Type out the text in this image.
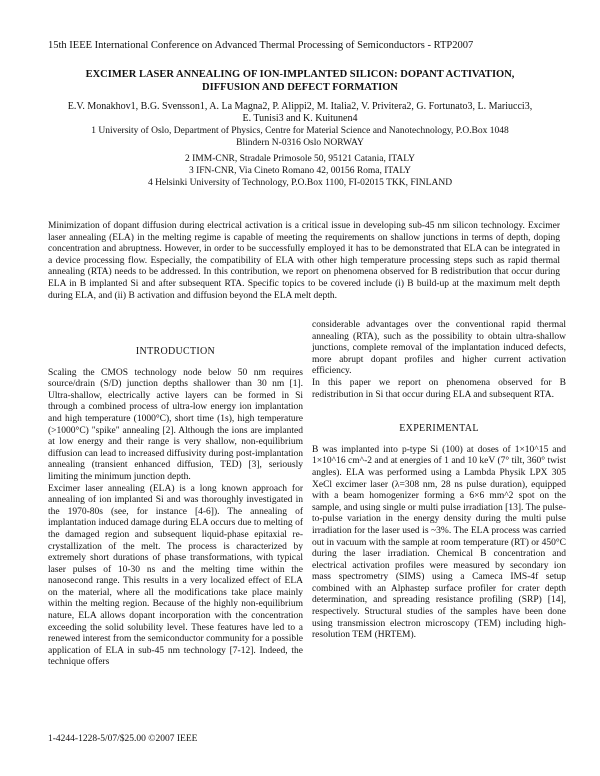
15th IEEE International Conference on Advanced Thermal Processing of Semiconductors - RTP2007
EXCIMER LASER ANNEALING OF ION-IMPLANTED SILICON: DOPANT ACTIVATION,
DIFFUSION AND DEFECT FORMATION
E.V. Monakhov1, B.G. Svensson1, A. La Magna2, P. Alippi2, M. Italia2, V. Privitera2, G. Fortunato3, L. Mariucci3,
E. Tunisi3 and K. Kuitunen4
1 University of Oslo, Department of Physics, Centre for Material Science and Nanotechnology, P.O.Box 1048
Blindern N-0316 Oslo NORWAY
2 IMM-CNR, Stradale Primosole 50, 95121 Catania, ITALY
3 IFN-CNR, Via Cineto Romano 42, 00156 Roma, ITALY
4 Helsinki University of Technology, P.O.Box 1100, FI-02015 TKK, FINLAND
Minimization of dopant diffusion during electrical activation is a critical issue in developing sub-45 nm silicon technology. Excimer laser annealing (ELA) in the melting regime is capable of meeting the requirements on shallow junctions in terms of depth, doping concentration and abruptness. However, in order to be successfully employed it has to be demonstrated that ELA can be integrated in a device processing flow. Especially, the compatibility of ELA with other high temperature processing steps such as rapid thermal annealing (RTA) needs to be addressed. In this contribution, we report on phenomena observed for B redistribution that occur during ELA in B implanted Si and after subsequent RTA. Specific topics to be covered include (i) B build-up at the maximum melt depth during ELA, and (ii) B activation and diffusion beyond the ELA melt depth.

INTRODUCTION

Scaling the CMOS technology node below 50 nm requires source/drain (S/D) junction depths shallower than 30 nm [1]. Ultra-shallow, electrically active layers can be formed in Si through a combined process of ultra-low energy ion implantation and high temperature (1000°C), short time (1s), high temperature (>1000°C) "spike" annealing [2]. Although the ions are implanted at low energy and their range is very shallow, non-equilibrium diffusion can lead to increased diffusivity during post-implantation annealing (transient enhanced diffusion, TED) [3], seriously limiting the minimum junction depth.

Excimer laser annealing (ELA) is a long known approach for annealing of ion implanted Si and was thoroughly investigated in the 1970-80s (see, for instance [4-6]). The annealing of implantation induced damage during ELA occurs due to melting of the damaged region and subsequent liquid-phase epitaxial re-crystallization of the melt. The process is characterized by extremely short durations of phase transformations, with typical laser pulses of 10-30 ns and the melting time within the nanosecond range. This results in a very localized effect of ELA on the material, where all the modifications take place mainly within the melting region. Because of the highly non-equilibrium nature, ELA allows dopant incorporation with the concentration exceeding the solid solubility level. These features have led to a renewed interest from the semiconductor community for a possible application of ELA in sub-45 nm technology [7-12]. Indeed, the technique offers

considerable advantages over the conventional rapid thermal annealing (RTA), such as the possibility to obtain ultra-shallow junctions, complete removal of the implantation induced defects, more abrupt dopant profiles and higher current activation efficiency.

In this paper we report on phenomena observed for B redistribution in Si that occur during ELA and subsequent RTA.

EXPERIMENTAL

B was implanted into p-type Si (100) at doses of 1×10^15 and 1×10^16 cm^-2 and at energies of 1 and 10 keV (7° tilt, 360° twist angles). ELA was performed using a Lambda Physik LPX 305 XeCl excimer laser (λ=308 nm, 28 ns pulse duration), equipped with a beam homogenizer forming a 6×6 mm^2 spot on the sample, and using single or multi pulse irradiation [13]. The pulse-to-pulse variation in the energy density during the multi pulse irradiation for the laser used is ~3%. The ELA process was carried out in vacuum with the sample at room temperature (RT) or 450°C during the laser irradiation. Chemical B concentration and electrical activation profiles were measured by secondary ion mass spectrometry (SIMS) using a Cameca IMS-4f setup combined with an Alphastep surface profiler for crater depth determination, and spreading resistance profiling (SRP) [14], respectively. Structural studies of the samples have been done using transmission electron microscopy (TEM) including high-resolution TEM (HRTEM).

1-4244-1228-5/07/$25.00 ©2007 IEEE
